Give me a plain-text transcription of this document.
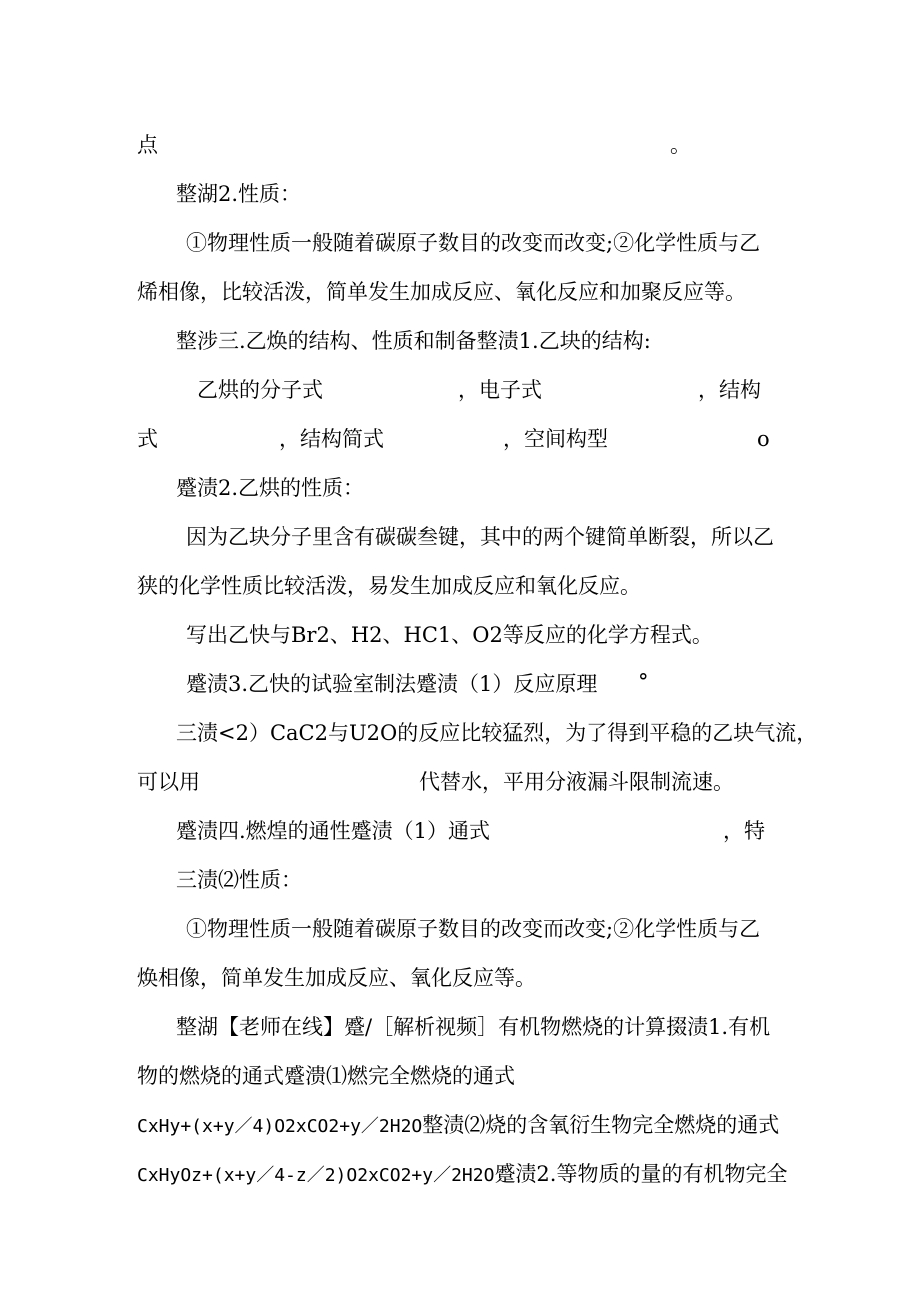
点	。
整湖2.性质：
①物理性质一般随着碳原子数目的改变而改变;②化学性质与乙
烯相像，比较活泼，简单发生加成反应、氧化反应和加聚反应等。
整涉三.乙焕的结构、性质和制备整渍1.乙块的结构:
乙烘的分子式	，电子式	，结构
式	，结构简式	，空间构型	o
蹙渍2.乙烘的性质：
因为乙块分子里含有碳碳叁键，其中的两个键简单断裂，所以乙
狭的化学性质比较活泼，易发生加成反应和氧化反应。
写出乙快与Br2、H2、HC1、O2等反应的化学方程式。
蹙渍3.乙快的试验室制法蹙渍（1）反应原理 °
三渍<2）CaC2与U2O的反应比较猛烈，为了得到平稳的乙块气流，
可以用	代替水，平用分液漏斗限制流速。
蹙渍四.燃煌的通性蹙渍（1）通式	，特
三渍⑵性质：
①物理性质一般随着碳原子数目的改变而改变;②化学性质与乙
焕相像，简单发生加成反应、氧化反应等。
整湖【老师在线】蹙/［解析视频］有机物燃烧的计算掇渍1.有机
物的燃烧的通式蹙溃⑴燃完全燃烧的通式
CxHy+(x+y／4)O2xCO2+y／2H2O整渍⑵烧的含氧衍生物完全燃烧的通式
CxHyOz+(x+y／4-z／2)O2xCO2+y／2H2O蹙渍2.等物质的量的有机物完全
